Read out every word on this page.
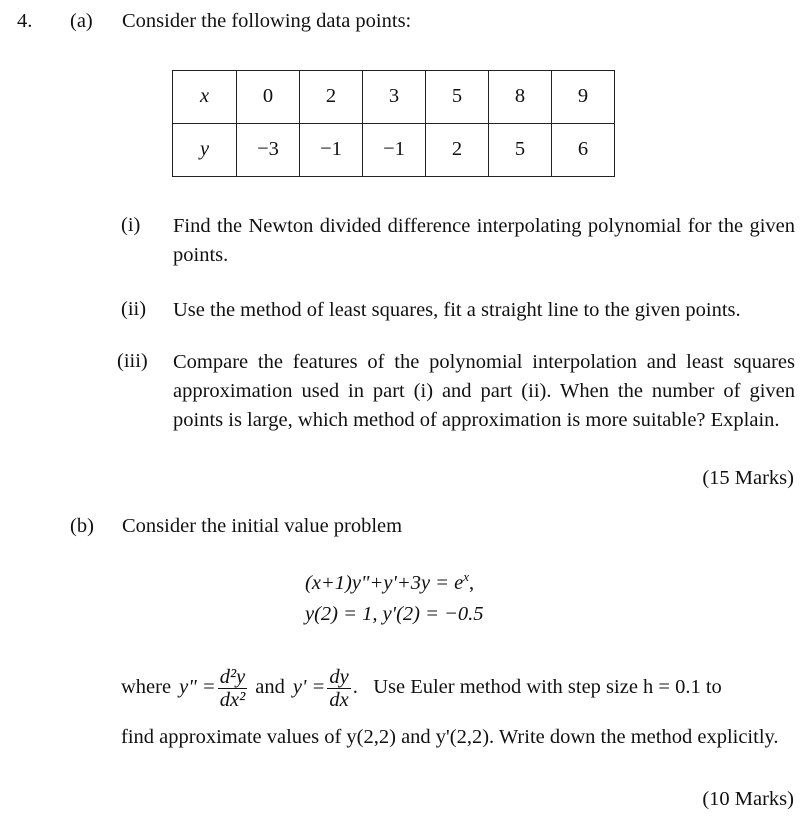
4. (a) Consider the following data points:
x	0	2	3	5	8	9
y	−3	−1	−1	2	5	6
(i) Find the Newton divided difference interpolating polynomial for the given points.
(ii) Use the method of least squares, fit a straight line to the given points.
(iii) Compare the features of the polynomial interpolation and least squares approximation used in part (i) and part (ii). When the number of given points is large, which method of approximation is more suitable? Explain.
(15 Marks)
(b) Consider the initial value problem
(x+1)y"+y'+3y = $e^x$,
y(2) = 1, y'(2) = −0.5
where y" = $\frac{\text{d²y}}{\text{dx²}}$ and $y' = \frac{dy}{dx}$ .   Use Euler method with step size h = 0.1 to
find approximate values of y(2,2) and y'(2,2). Write down the method explicitly.
(10 Marks)
